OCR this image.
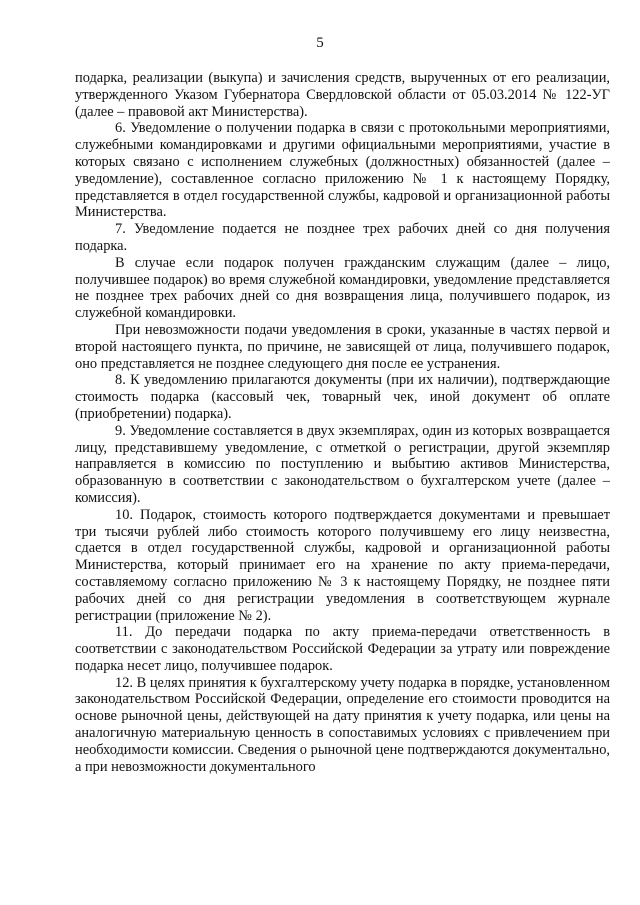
5

подарка, реализации (выкупа) и зачисления средств, вырученных от его реализации, утвержденного Указом Губернатора Свердловской области от 05.03.2014 № 122-УГ (далее – правовой акт Министерства).

6. Уведомление о получении подарка в связи с протокольными мероприятиями, служебными командировками и другими официальными мероприятиями, участие в которых связано с исполнением служебных (должностных) обязанностей (далее – уведомление), составленное согласно приложению № 1 к настоящему Порядку, представляется в отдел государственной службы, кадровой и организационной работы Министерства.

7. Уведомление подается не позднее трех рабочих дней со дня получения подарка.

В случае если подарок получен гражданским служащим (далее – лицо, получившее подарок) во время служебной командировки, уведомление представляется не позднее трех рабочих дней со дня возвращения лица, получившего подарок, из служебной командировки.

При невозможности подачи уведомления в сроки, указанные в частях первой и второй настоящего пункта, по причине, не зависящей от лица, получившего подарок, оно представляется не позднее следующего дня после ее устранения.

8. К уведомлению прилагаются документы (при их наличии), подтверждающие стоимость подарка (кассовый чек, товарный чек, иной документ об оплате (приобретении) подарка).

9. Уведомление составляется в двух экземплярах, один из которых возвращается лицу, представившему уведомление, с отметкой о регистрации, другой экземпляр направляется в комиссию по поступлению и выбытию активов Министерства, образованную в соответствии с законодательством о бухгалтерском учете (далее – комиссия).

10. Подарок, стоимость которого подтверждается документами и превышает три тысячи рублей либо стоимость которого получившему его лицу неизвестна, сдается в отдел государственной службы, кадровой и организационной работы Министерства, который принимает его на хранение по акту приема-передачи, составляемому согласно приложению № 3 к настоящему Порядку, не позднее пяти рабочих дней со дня регистрации уведомления в соответствующем журнале регистрации (приложение № 2).

11. До передачи подарка по акту приема-передачи ответственность в соответствии с законодательством Российской Федерации за утрату или повреждение подарка несет лицо, получившее подарок.

12. В целях принятия к бухгалтерскому учету подарка в порядке, установленном законодательством Российской Федерации, определение его стоимости проводится на основе рыночной цены, действующей на дату принятия к учету подарка, или цены на аналогичную материальную ценность в сопоставимых условиях с привлечением при необходимости комиссии. Сведения о рыночной цене подтверждаются документально, а при невозможности документального
